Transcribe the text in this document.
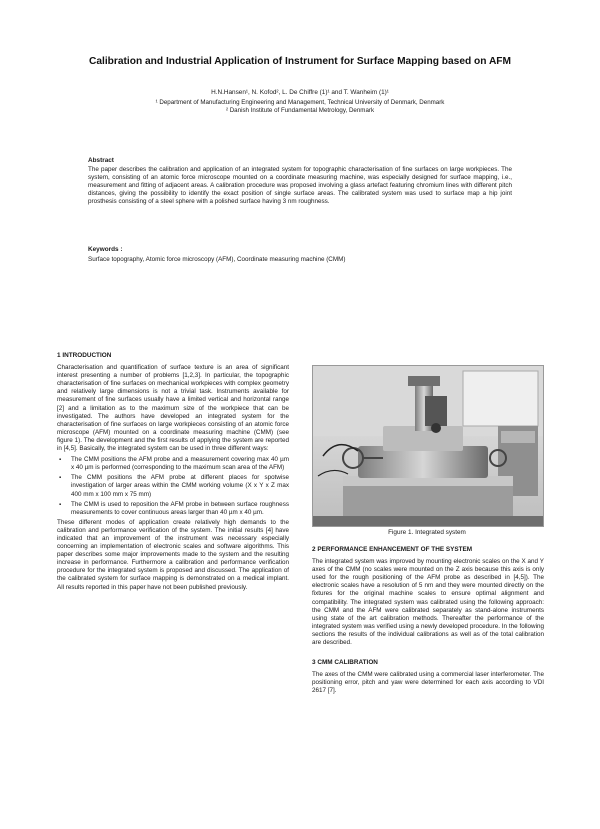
Calibration and Industrial Application of Instrument for Surface Mapping based on AFM
H.N.Hansen¹, N. Kofod², L. De Chiffre (1)¹ and T. Wanheim (1)¹
¹ Department of Manufacturing Engineering and Management, Technical University of Denmark, Denmark
² Danish Institute of Fundamental Metrology, Denmark
Abstract
The paper describes the calibration and application of an integrated system for topographic characterisation of fine surfaces on large workpieces. The system, consisting of an atomic force microscope mounted on a coordinate measuring machine, was especially designed for surface mapping, i.e., measurement and fitting of adjacent areas. A calibration procedure was proposed involving a glass artefact featuring chromium lines with different pitch distances, giving the possibility to identify the exact position of single surface areas. The calibrated system was used to surface map a hip joint prosthesis consisting of a steel sphere with a polished surface having 3 nm roughness.
Keywords :
Surface topography, Atomic force microscopy (AFM), Coordinate measuring machine (CMM)
1 INTRODUCTION
Characterisation and quantification of surface texture is an area of significant interest presenting a number of problems [1,2,3]. In particular, the topographic characterisation of fine surfaces on mechanical workpieces with complex geometry and relatively large dimensions is not a trivial task. Instruments available for measurement of fine surfaces usually have a limited vertical and horizontal range [2] and a limitation as to the maximum size of the workpiece that can be investigated. The authors have developed an integrated system for the characterisation of fine surfaces on large workpieces consisting of an atomic force microscope (AFM) mounted on a coordinate measuring machine (CMM) (see figure 1). The development and the first results of applying the system are reported in [4,5]. Basically, the integrated system can be used in three different ways:
▪ The CMM positions the AFM probe and a measurement covering max 40 µm x 40 µm is performed (corresponding to the maximum scan area of the AFM)
▪ The CMM positions the AFM probe at different places for spotwise investigation of larger areas within the CMM working volume (X x Y x Z max 400 mm x 100 mm x 75 mm)
▪ The CMM is used to reposition the AFM probe in between surface roughness measurements to cover continuous areas larger than 40 µm x 40 µm.
These different modes of application create relatively high demands to the calibration and performance verification of the system. The initial results [4] have indicated that an improvement of the instrument was necessary especially concerning an implementation of electronic scales and software algorithms. This paper describes some major improvements made to the system and the resulting increase in performance. Furthermore a calibration and performance verification procedure for the integrated system is proposed and discussed. The application of the calibrated system for surface mapping is demonstrated on a medical implant. All results reported in this paper have not been published previously.
Figure 1. Integrated system
2 PERFORMANCE ENHANCEMENT OF THE SYSTEM
The integrated system was improved by mounting electronic scales on the X and Y axes of the CMM (no scales were mounted on the Z axis because this axis is only used for the rough positioning of the AFM probe as described in [4,5]). The electronic scales have a resolution of 5 nm and they were mounted directly on the fixtures for the original machine scales to ensure optimal alignment and compatibility. The integrated system was calibrated using the following approach: the CMM and the AFM were calibrated separately as stand-alone instruments using state of the art calibration methods. Thereafter the performance of the integrated system was verified using a newly developed procedure. In the following sections the results of the individual calibrations as well as of the total calibration are described.
3 CMM CALIBRATION
The axes of the CMM were calibrated using a commercial laser interferometer. The positioning error, pitch and yaw were determined for each axis according to VDI 2617 [7].
